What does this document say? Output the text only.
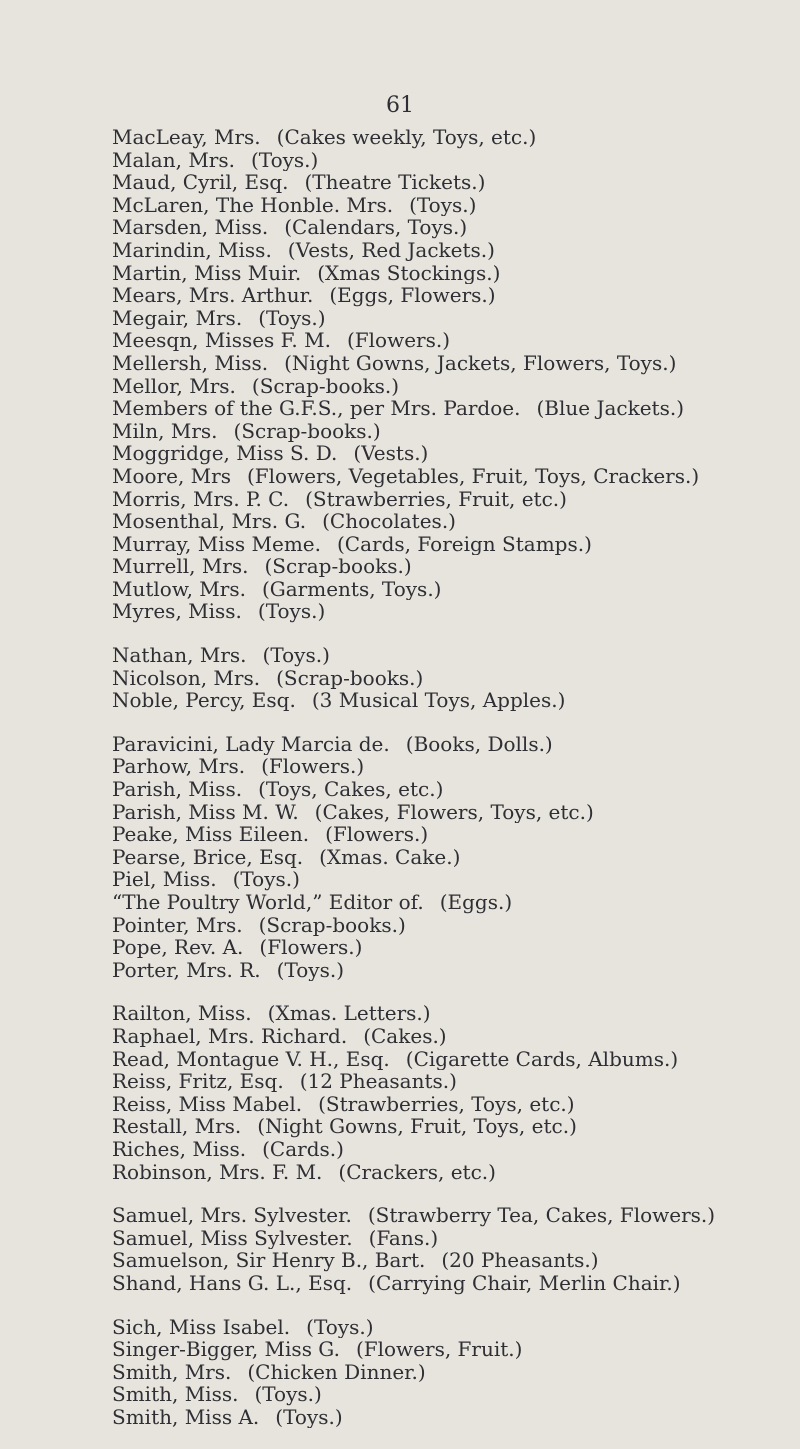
61
MacLeay, Mrs. (Cakes weekly, Toys, etc.)
Malan, Mrs. (Toys.)
Maud, Cyril, Esq. (Theatre Tickets.)
McLaren, The Honble. Mrs. (Toys.)
Marsden, Miss. (Calendars, Toys.)
Marindin, Miss. (Vests, Red Jackets.)
Martin, Miss Muir. (Xmas Stockings.)
Mears, Mrs. Arthur. (Eggs, Flowers.)
Megair, Mrs. (Toys.)
Meesqn, Misses F. M. (Flowers.)
Mellersh, Miss. (Night Gowns, Jackets, Flowers, Toys.)
Mellor, Mrs. (Scrap-books.)
Members of the G.F.S., per Mrs. Pardoe. (Blue Jackets.)
Miln, Mrs. (Scrap-books.)
Moggridge, Miss S. D. (Vests.)
Moore, Mrs (Flowers, Vegetables, Fruit, Toys, Crackers.)
Morris, Mrs. P. C. (Strawberries, Fruit, etc.)
Mosenthal, Mrs. G. (Chocolates.)
Murray, Miss Meme. (Cards, Foreign Stamps.)
Murrell, Mrs. (Scrap-books.)
Mutlow, Mrs. (Garments, Toys.)
Myres, Miss. (Toys.)
Nathan, Mrs. (Toys.)
Nicolson, Mrs. (Scrap-books.)
Noble, Percy, Esq. (3 Musical Toys, Apples.)
Paravicini, Lady Marcia de. (Books, Dolls.)
Parhow, Mrs. (Flowers.)
Parish, Miss. (Toys, Cakes, etc.)
Parish, Miss M. W. (Cakes, Flowers, Toys, etc.)
Peake, Miss Eileen. (Flowers.)
Pearse, Brice, Esq. (Xmas. Cake.)
Piel, Miss. (Toys.)
“The Poultry World,” Editor of. (Eggs.)
Pointer, Mrs. (Scrap-books.)
Pope, Rev. A. (Flowers.)
Porter, Mrs. R. (Toys.)
Railton, Miss. (Xmas. Letters.)
Raphael, Mrs. Richard. (Cakes.)
Read, Montague V. H., Esq. (Cigarette Cards, Albums.)
Reiss, Fritz, Esq. (12 Pheasants.)
Reiss, Miss Mabel. (Strawberries, Toys, etc.)
Restall, Mrs. (Night Gowns, Fruit, Toys, etc.)
Riches, Miss. (Cards.)
Robinson, Mrs. F. M. (Crackers, etc.)
Samuel, Mrs. Sylvester. (Strawberry Tea, Cakes, Flowers.)
Samuel, Miss Sylvester. (Fans.)
Samuelson, Sir Henry B., Bart. (20 Pheasants.)
Shand, Hans G. L., Esq. (Carrying Chair, Merlin Chair.)
Sich, Miss Isabel. (Toys.)
Singer-Bigger, Miss G. (Flowers, Fruit.)
Smith, Mrs. (Chicken Dinner.)
Smith, Miss. (Toys.)
Smith, Miss A. (Toys.)
